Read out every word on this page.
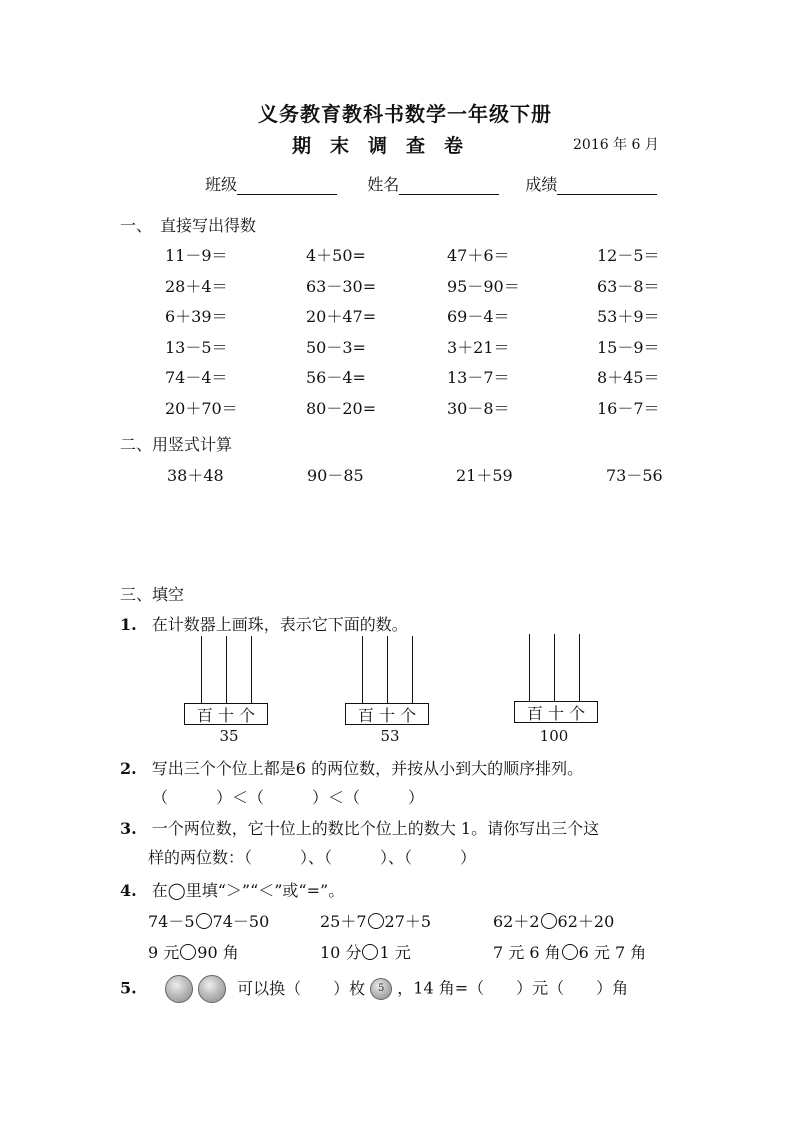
义务教育教科书数学一年级下册
期　末　调　查　卷	2016 年 6 月
班级	姓名	成绩
一、　直接写出得数
11－9＝	4＋50=	47＋6＝	12－5＝
28＋4＝	63－30=	95－90＝	63－8＝
6＋39＝	20＋47=	69－4＝	53＋9＝
13－5＝	50－3=	3＋21＝	15－9＝
74－4＝	56－4=	13－7＝	8＋45＝
20＋70＝	80－20=	30－8＝	16－7＝
二、用竖式计算
38＋48	90－85	21＋59	73－56
三、填空
1. 在计数器上画珠，表示它下面的数。
百 十 个
35
百 十 个
53
百 十 个
100
2. 写出三个个位上都是6 的两位数，并按从小到大的顺序排列。
（　　　）＜（　　　）＜（　　　）
3. 一个两位数，它十位上的数比个位上的数大 1。请你写出三个这
样的两位数：（　　　）、（　　　）、（　　　）
4. 在◯里填“＞”“＜”或“=”。
74－5 74－50	25＋7 27＋5	62＋2 62＋20
9 元 90 角	10 分 1 元	7 元 6 角 6 元 7 角
5.	可以换（　　）枚 5 ，14 角=（　　）元（　　）角
